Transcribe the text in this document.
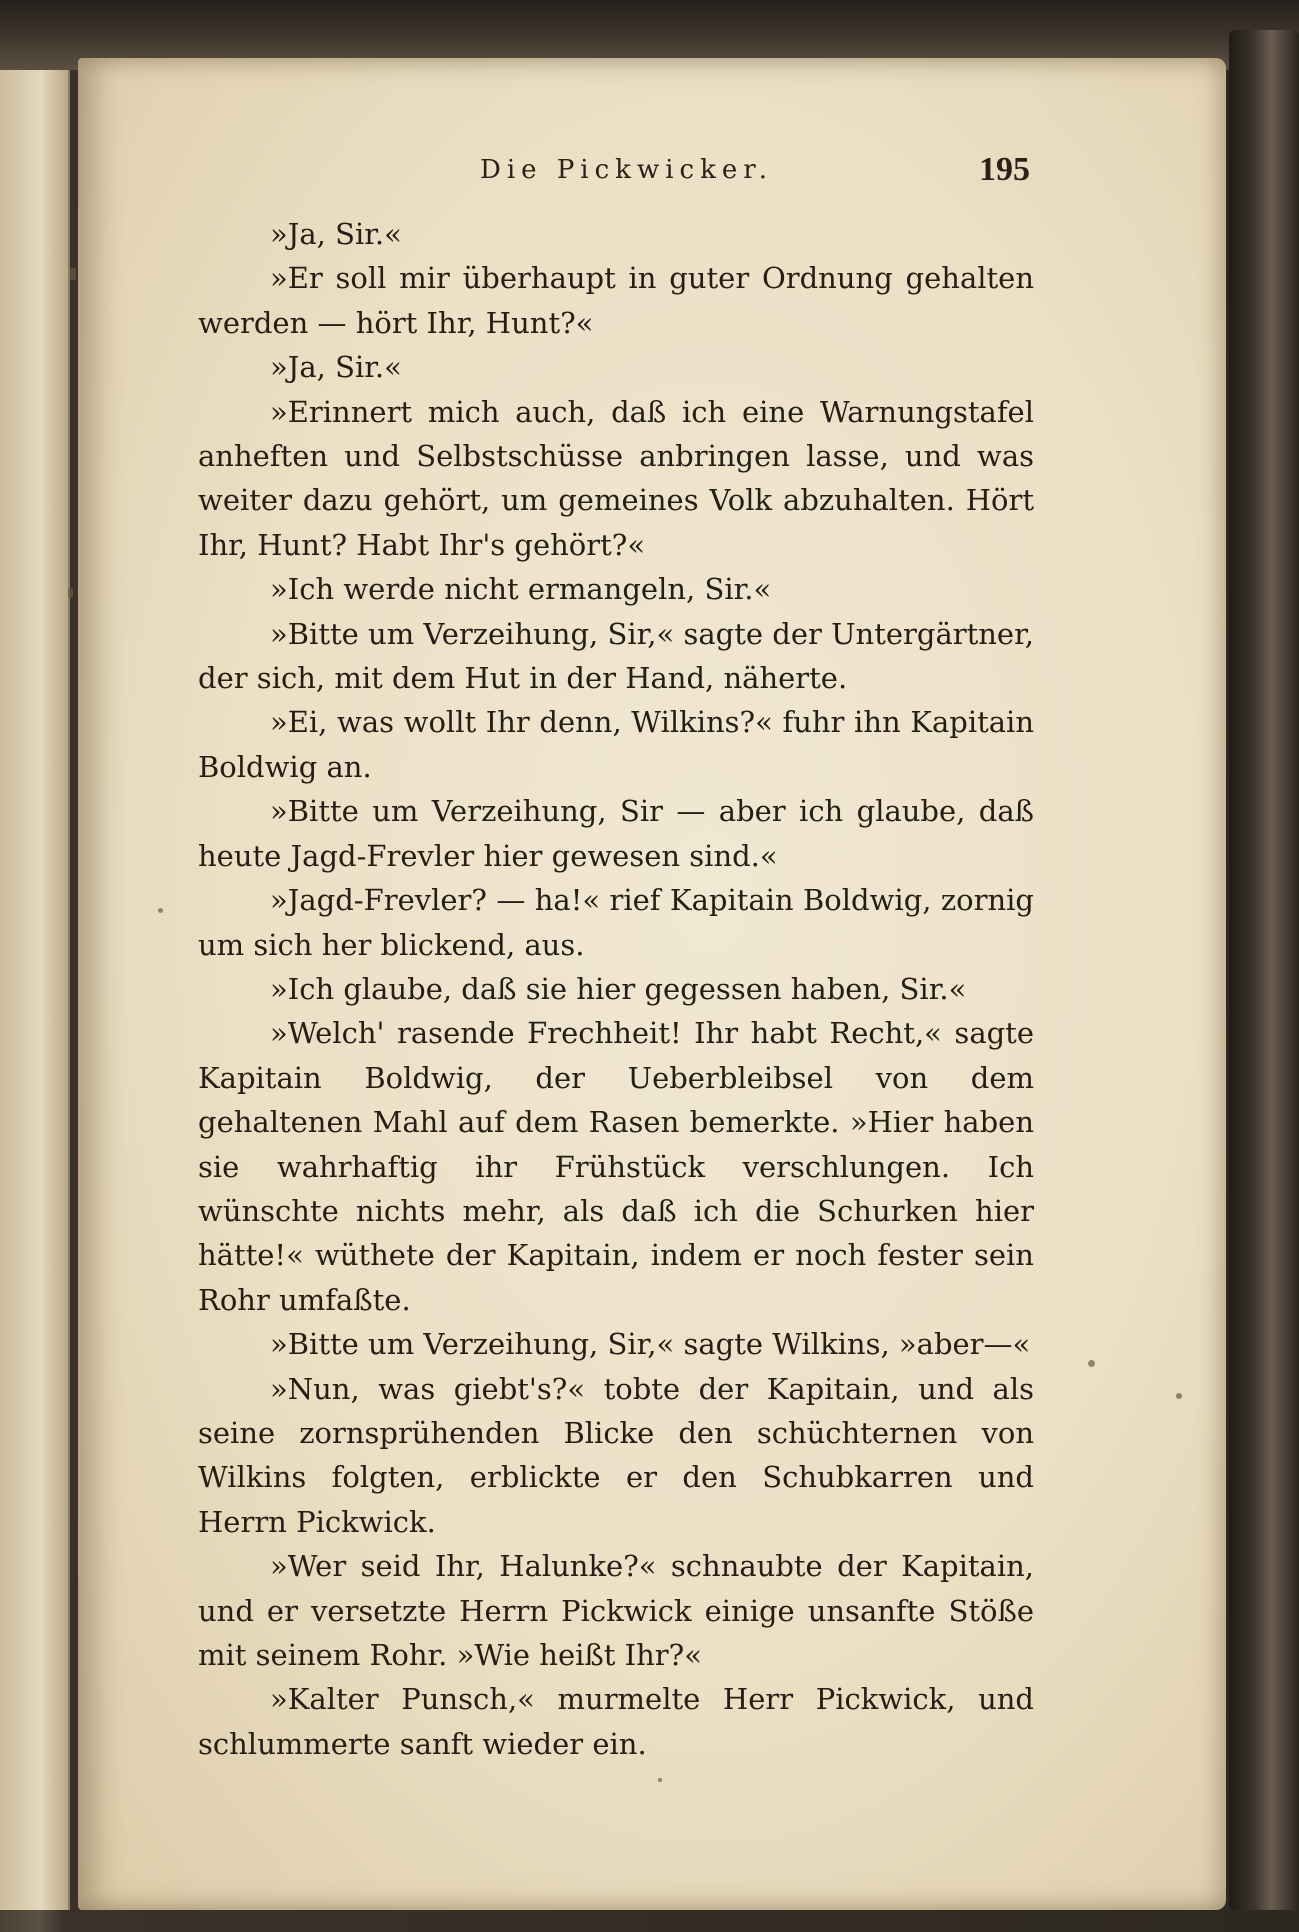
Die Pickwicker.	195

»Ja, Sir.«

»Er soll mir überhaupt in guter Ordnung gehalten werden — hört Ihr, Hunt?«

»Ja, Sir.«

»Erinnert mich auch, daß ich eine Warnungstafel anheften und Selbstschüsse anbringen lasse, und was weiter dazu gehört, um gemeines Volk abzuhalten. Hört Ihr, Hunt? Habt Ihr's gehört?«

»Ich werde nicht ermangeln, Sir.«

»Bitte um Verzeihung, Sir,« sagte der Untergärtner, der sich, mit dem Hut in der Hand, näherte.

»Ei, was wollt Ihr denn, Wilkins?« fuhr ihn Kapitain Boldwig an.

»Bitte um Verzeihung, Sir — aber ich glaube, daß heute Jagd-Frevler hier gewesen sind.«

»Jagd-Frevler? — ha!« rief Kapitain Boldwig, zornig um sich her blickend, aus.

»Ich glaube, daß sie hier gegessen haben, Sir.«

»Welch' rasende Frechheit! Ihr habt Recht,« sagte Kapitain Boldwig, der Ueberbleibsel von dem gehaltenen Mahl auf dem Rasen bemerkte. »Hier haben sie wahrhaftig ihr Frühstück verschlungen. Ich wünschte nichts mehr, als daß ich die Schurken hier hätte!« wüthete der Kapitain, indem er noch fester sein Rohr umfaßte.

»Bitte um Verzeihung, Sir,« sagte Wilkins, »aber—«

»Nun, was giebt's?« tobte der Kapitain, und als seine zornsprühenden Blicke den schüchternen von Wilkins folgten, erblickte er den Schubkarren und Herrn Pickwick.

»Wer seid Ihr, Halunke?« schnaubte der Kapitain, und er versetzte Herrn Pickwick einige unsanfte Stöße mit seinem Rohr. »Wie heißt Ihr?«

»Kalter Punsch,« murmelte Herr Pickwick, und schlummerte sanft wieder ein.
